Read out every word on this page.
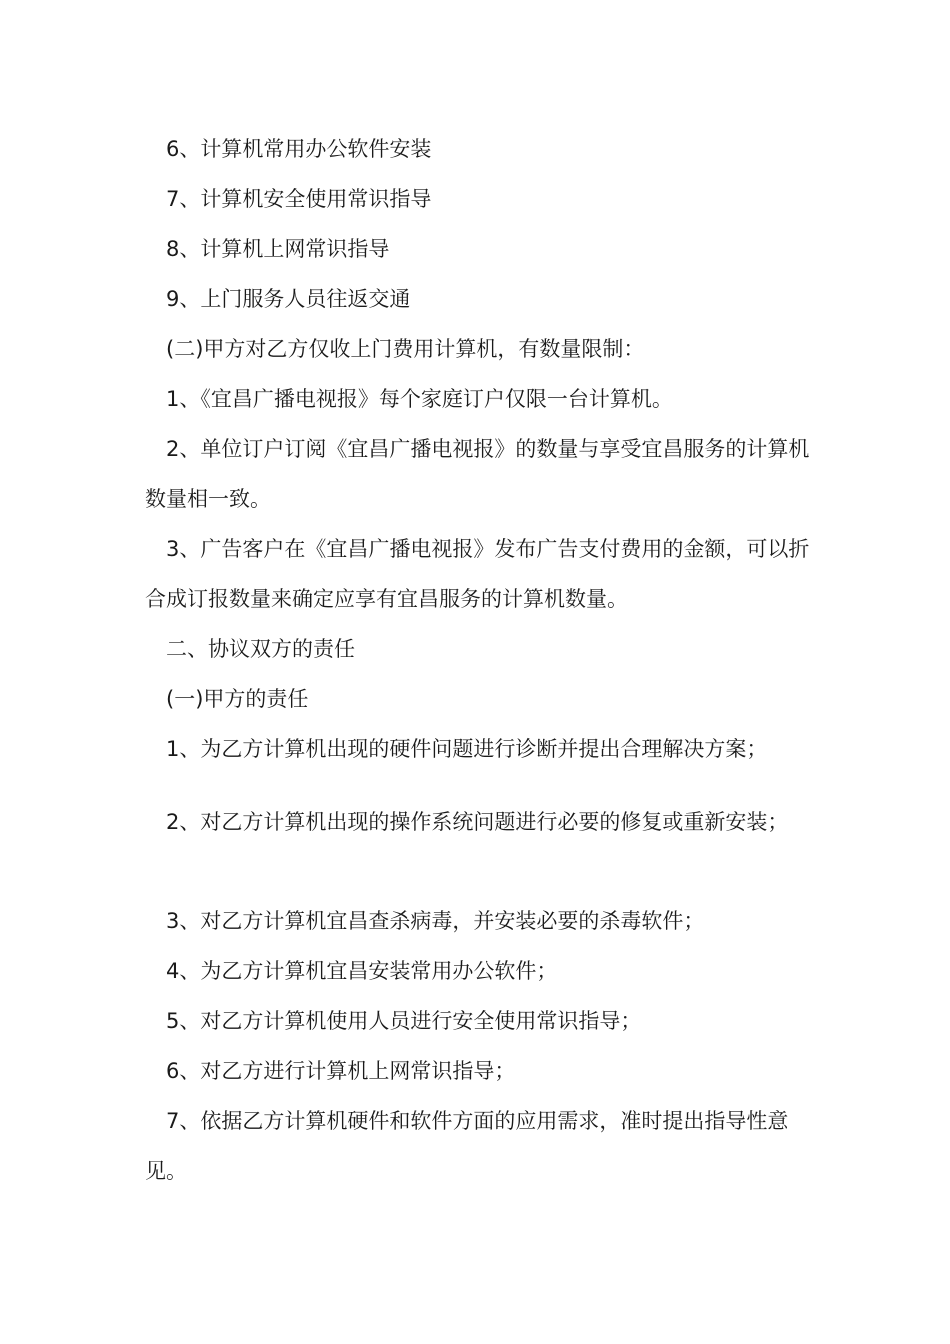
6、计算机常用办公软件安装

7、计算机安全使用常识指导

8、计算机上网常识指导

9、上门服务人员往返交通

(二)甲方对乙方仅收上门费用计算机，有数量限制：

1、《宜昌广播电视报》每个家庭订户仅限一台计算机。

2、单位订户订阅《宜昌广播电视报》的数量与享受宜昌服务的计算机数量相一致。

3、广告客户在《宜昌广播电视报》发布广告支付费用的金额，可以折合成订报数量来确定应享有宜昌服务的计算机数量。

二、协议双方的责任

(一)甲方的责任

1、为乙方计算机出现的硬件问题进行诊断并提出合理解决方案；

2、对乙方计算机出现的操作系统问题进行必要的修复或重新安装；

3、对乙方计算机宜昌查杀病毒，并安装必要的杀毒软件；

4、为乙方计算机宜昌安装常用办公软件；

5、对乙方计算机使用人员进行安全使用常识指导；

6、对乙方进行计算机上网常识指导；

7、依据乙方计算机硬件和软件方面的应用需求，准时提出指导性意见。
